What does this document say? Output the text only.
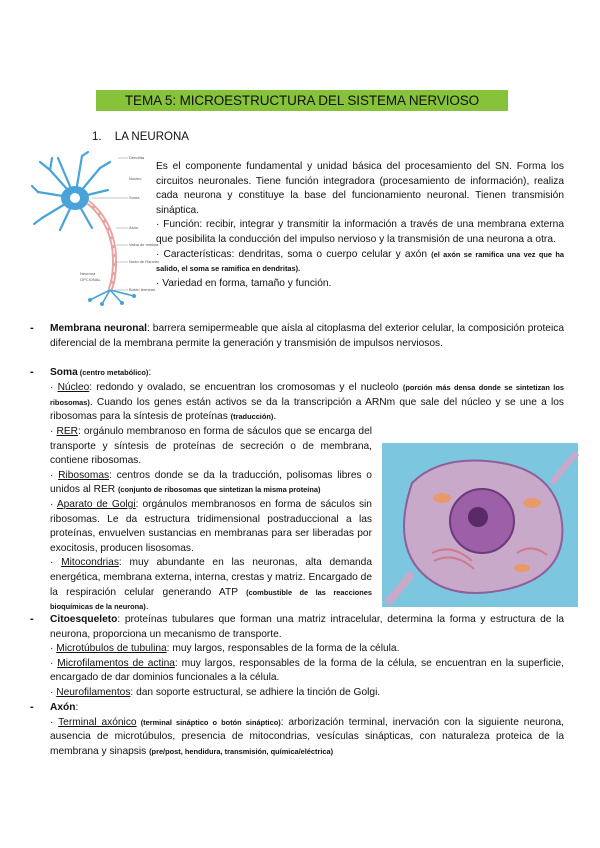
TEMA 5: MICROESTRUCTURA DEL SISTEMA NERVIOSO
1. LA NEURONA
Dendrita
Núcleo
Soma
Axón
Vaina de mielina
Nodo de Ranvier
Botón terminal
Neurona
OPCIONAL
Es el componente fundamental y unidad básica del procesamiento del SN. Forma los circuitos neuronales. Tiene función integradora (procesamiento de información), realiza cada neurona y constituye la base del funcionamiento neuronal. Tienen transmisión sináptica.
· Función: recibir, integrar y transmitir la información a través de una membrana externa que posibilita la conducción del impulso nervioso y la transmisión de una neurona a otra.
· Características: dendritas, soma o cuerpo celular y axón (el axón se ramifica una vez que ha salido, el soma se ramifica en dendritas).
· Variedad en forma, tamaño y función.
- Membrana neuronal: barrera semipermeable que aísla al citoplasma del exterior celular, la composición proteica diferencial de la membrana permite la generación y transmisión de impulsos nerviosos.
- Soma (centro metabólico):
· Núcleo: redondo y ovalado, se encuentran los cromosomas y el nucleolo (porción más densa donde se sintetizan los ribosomas). Cuando los genes están activos se da la transcripción a ARNm que sale del núcleo y se une a los ribosomas para la síntesis de proteínas (traducción).
· RER: orgánulo membranoso en forma de sáculos que se encarga del transporte y síntesis de proteínas de secreción o de membrana, contiene ribosomas.
· Ribosomas: centros donde se da la traducción, polisomas libres o unidos al RER (conjunto de ribosomas que sintetizan la misma proteína)
· Aparato de Golgi: orgánulos membranosos en forma de sáculos sin ribosomas. Le da estructura tridimensional postraduccional a las proteínas, envuelven sustancias en membranas para ser liberadas por exocitosis, producen lisosomas.
· Mitocondrias: muy abundante en las neuronas, alta demanda energética, membrana externa, interna, crestas y matriz. Encargado de la respiración celular generando ATP (combustible de las reacciones bioquímicas de la neurona).
- Citoesqueleto: proteínas tubulares que forman una matriz intracelular, determina la forma y estructura de la neurona, proporciona un mecanismo de transporte.
· Microtúbulos de tubulina: muy largos, responsables de la forma de la célula.
· Microfilamentos de actina: muy largos, responsables de la forma de la célula, se encuentran en la superficie, encargado de dar dominios funcionales a la célula.
· Neurofilamentos: dan soporte estructural, se adhiere la tinción de Golgi.
- Axón:
· Terminal axónico (terminal sináptico o botón sináptico): arborización terminal, inervación con la siguiente neurona, ausencia de microtúbulos, presencia de mitocondrias, vesículas sinápticas, con naturaleza proteica de la membrana y sinapsis (pre/post, hendidura, transmisión, química/eléctrica)
